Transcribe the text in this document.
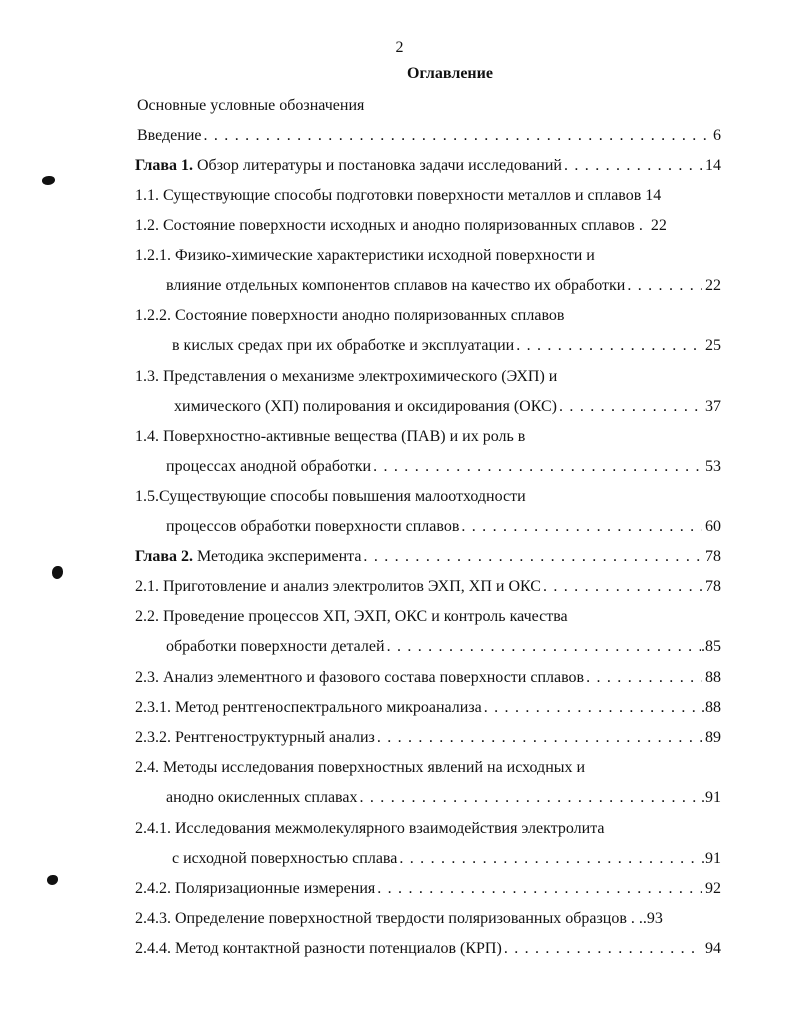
2
Оглавление
Основные условные обозначения
Введение . . .	6
Глава 1. Обзор литературы и постановка задачи исследований . . .	14
1.1. Существующие способы подготовки поверхности металлов и сплавов 14
1.2. Состояние поверхности исходных и анодно поляризованных сплавов . 22
1.2.1. Физико-химические характеристики исходной поверхности и
влияние отдельных компонентов сплавов на качество их обработки . . .	22
1.2.2. Состояние поверхности анодно поляризованных сплавов
в кислых средах при их обработке и эксплуатации . . .	25
1.3. Представления о механизме электрохимического (ЭХП) и
химического (ХП) полирования и оксидирования (ОКС) . . .	37
1.4. Поверхностно-активные вещества (ПАВ) и их роль в
процессах анодной обработки . . .	53
1.5.Существующие способы повышения малоотходности
процессов обработки поверхности сплавов . . .	60
Глава 2. Методика эксперимента . . .	78
2.1. Приготовление и анализ электролитов ЭХП, ХП и ОКС . . .	78
2.2. Проведение процессов ХП, ЭХП, ОКС и контроль качества
обработки поверхности деталей . . .	.85
2.3. Анализ элементного и фазового состава поверхности сплавов . . .	88
2.3.1. Метод рентгеноспектрального микроанализа . . .	.88
2.3.2. Рентгеноструктурный анализ . . .	89
2.4. Методы исследования поверхностных явлений на исходных и
анодно окисленных сплавах . . .	.91
2.4.1. Исследования межмолекулярного взаимодействия электролита
с исходной поверхностью сплава . . .	.91
2.4.2. Поляризационные измерения . . .	92
2.4.3. Определение поверхностной твердости поляризованных образцов . . .93
2.4.4. Метод контактной разности потенциалов (КРП) . . .	94
